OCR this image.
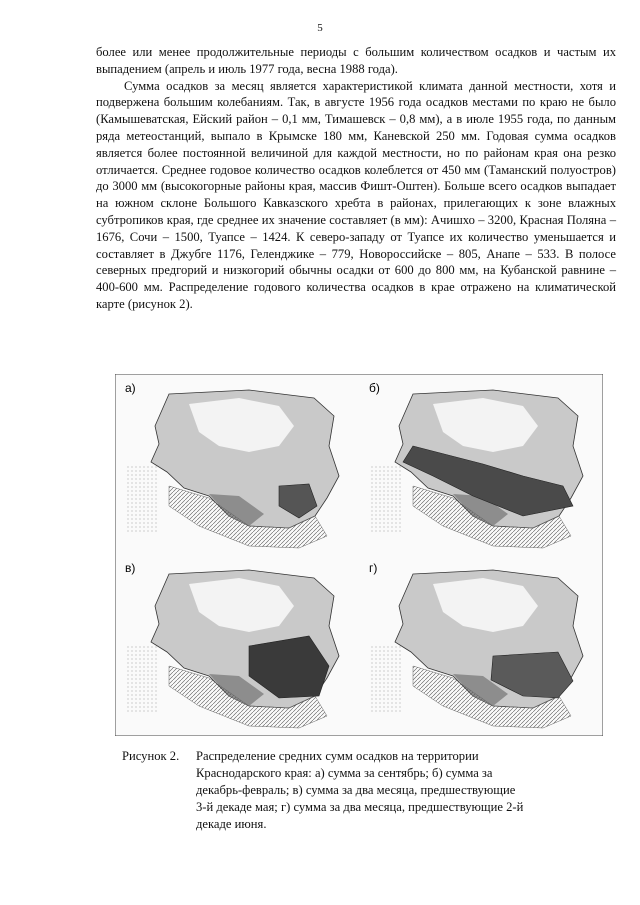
5

более или менее продолжительные периоды с большим количеством осадков и частым их выпадением (апрель и июль 1977 года, весна 1988 года).

Сумма осадков за месяц является характеристикой климата данной местности, хотя и подвержена большим колебаниям. Так, в августе 1956 года осадков местами по краю не было (Камышеватская, Ейский район – 0,1 мм, Тимашевск – 0,8 мм), а в июле 1955 года, по данным ряда метеостанций, выпало в Крымске 180 мм, Каневской 250 мм. Годовая сумма осадков является более постоянной величиной для каждой местности, но по районам края она резко отличается. Среднее годовое количество осадков колеблется от 450 мм (Таманский полуостров) до 3000 мм (высокогорные районы края, массив Фишт-Оштен). Больше всего осадков выпадает на южном склоне Большого Кавказского хребта в районах, прилегающих к зоне влажных субтропиков края, где среднее их значение составляет (в мм): Ачишхо – 3200, Красная Поляна – 1676, Сочи – 1500, Туапсе – 1424. К северо-западу от Туапсе их количество уменьшается и составляет в Джубге 1176, Геленджике – 779, Новороссийске – 805, Анапе – 533. В полосе северных предгорий и низкогорий обычны осадки от 600 до 800 мм, на Кубанской равнине – 400-600 мм. Распределение годового количества осадков в крае отражено на климатической карте (рисунок 2).

а)	б)
в)	г)
Рисунок 2.	Распределение средних сумм осадков на территории Краснодарского края: а) сумма за сентябрь; б) сумма за декабрь-февраль; в) сумма за два месяца, предшествующие 3-й декаде мая; г) сумма за два месяца, предшествующие 2-й декаде июня.
